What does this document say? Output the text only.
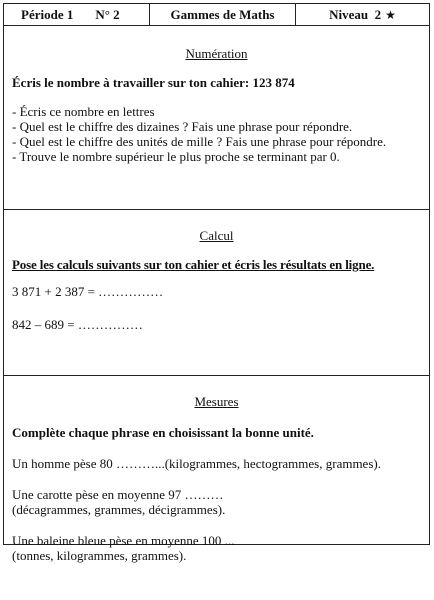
Période 1 N° 2	Gammes de Maths	Niveau  2 ★

Numération

Écris le nombre à travailler sur ton cahier: 123 874

- Écris ce nombre en lettres

- Quel est le chiffre des dizaines ? Fais une phrase pour répondre.

- Quel est le chiffre des unités de mille ? Fais une phrase pour répondre.

- Trouve le nombre supérieur le plus proche se terminant par 0.

Calcul

Pose les calculs suivants sur ton cahier et écris les résultats en ligne.

3 871 + 2 387 = ……………

842 – 689 = ……………

Mesures

Complète chaque phrase en choisissant la bonne unité.

Un homme pèse 80 ………...(kilogrammes, hectogrammes, grammes).

Une carotte pèse en moyenne 97 ………

(décagrammes, grammes, décigrammes).

Une baleine bleue pèse en moyenne 100 ...

(tonnes, kilogrammes, grammes).
